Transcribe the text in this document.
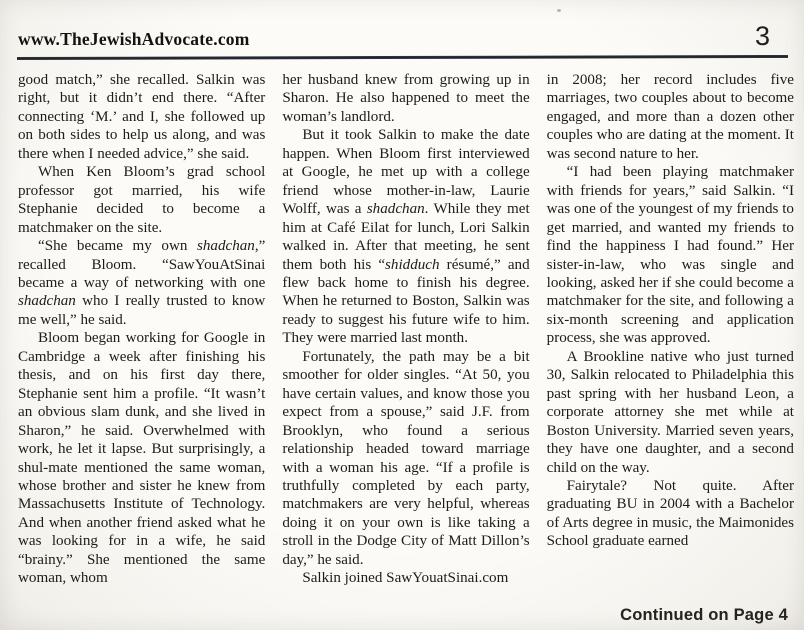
www.TheJewishAdvocate.com	3

good match,” she recalled. Salkin was right, but it didn’t end there. “After connecting ‘M.’ and I, she followed up on both sides to help us along, and was there when I needed advice,” she said.

When Ken Bloom’s grad school professor got married, his wife Stephanie decided to become a matchmaker on the site.

“She became my own shadchan,” recalled Bloom. “SawYouAtSinai became a way of networking with one shadchan who I really trusted to know me well,” he said.

Bloom began working for Google in Cambridge a week after finishing his thesis, and on his first day there, Stephanie sent him a profile. “It wasn’t an obvious slam dunk, and she lived in Sharon,” he said. Overwhelmed with work, he let it lapse. But surprisingly, a shul-mate mentioned the same woman, whose brother and sister he knew from Massachusetts Institute of Technology. And when another friend asked what he was looking for in a wife, he said “brainy.” She mentioned the same woman, whom

her husband knew from growing up in Sharon. He also happened to meet the woman’s landlord.

But it took Salkin to make the date happen. When Bloom first interviewed at Google, he met up with a college friend whose mother-in-law, Laurie Wolff, was a shadchan. While they met him at Café Eilat for lunch, Lori Salkin walked in. After that meeting, he sent them both his “shidduch résumé,” and flew back home to finish his degree. When he returned to Boston, Salkin was ready to suggest his future wife to him. They were married last month.

Fortunately, the path may be a bit smoother for older singles. “At 50, you have certain values, and know those you expect from a spouse,” said J.F. from Brooklyn, who found a serious relationship headed toward marriage with a woman his age. “If a profile is truthfully completed by each party, matchmakers are very helpful, whereas doing it on your own is like taking a stroll in the Dodge City of Matt Dillon’s day,” he said.

Salkin joined SawYouatSinai.com

in 2008; her record includes five marriages, two couples about to become engaged, and more than a dozen other couples who are dating at the moment. It was second nature to her.

“I had been playing matchmaker with friends for years,” said Salkin. “I was one of the youngest of my friends to get married, and wanted my friends to find the happiness I had found.” Her sister-in-law, who was single and looking, asked her if she could become a matchmaker for the site, and following a six-month screening and application process, she was approved.

A Brookline native who just turned 30, Salkin relocated to Philadelphia this past spring with her husband Leon, a corporate attorney she met while at Boston University. Married seven years, they have one daughter, and a second child on the way.

Fairytale? Not quite. After graduating BU in 2004 with a Bachelor of Arts degree in music, the Maimonides School graduate earned

Continued on Page 4
